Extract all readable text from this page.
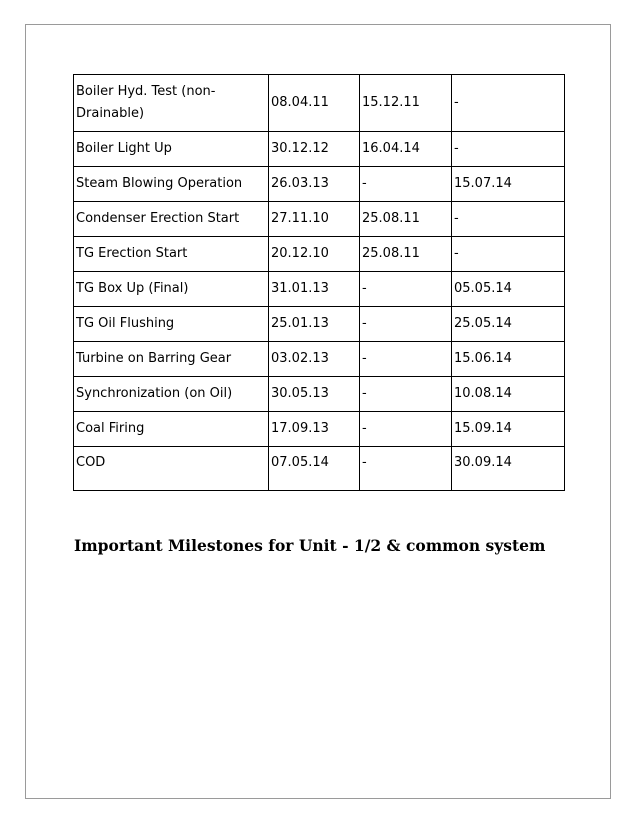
Boiler Hyd. Test (non-Drainable)	08.04.11	15.12.11	-
Boiler Light Up	30.12.12	16.04.14	-
Steam Blowing Operation	26.03.13	-	15.07.14
Condenser Erection Start	27.11.10	25.08.11	-
TG Erection Start	20.12.10	25.08.11	-
TG Box Up (Final)	31.01.13	-	05.05.14
TG Oil Flushing	25.01.13	-	25.05.14
Turbine on Barring Gear	03.02.13	-	15.06.14
Synchronization (on Oil)	30.05.13	-	10.08.14
Coal Firing	17.09.13	-	15.09.14
COD	07.05.14	-	30.09.14
Important Milestones for Unit - 1/2 & common system
